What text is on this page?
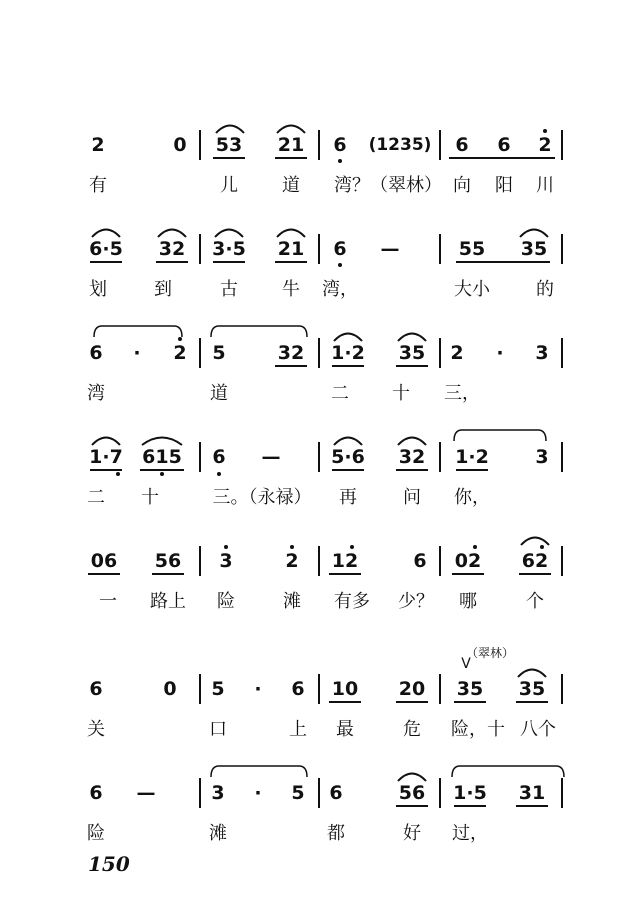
2	0 53 21 6 (1235) 6 6 2
有	儿 道 湾？（翠林） 向 阳 川
6·5 32 3·5 21 6 —	55 35
划	到	古 牛 湾，	大小	的
6 · 2 5	32 1·2 35 2 · 3
湾	道	二 十 三，
1·7 615 6 —	5·6 32 1·2 3
二 十	三。（永禄） 再	问 你，
06 56 3	2 12	6 02 62
一 路上 险	滩 有多 少？ 哪	个
（翠林）
V
6	0 5 · 6 10 20 35 35
关	口	上 最	危 险，十 八个
6 —	3 · 5 6	56 1·5 31
险	滩	都	好 过，
150
